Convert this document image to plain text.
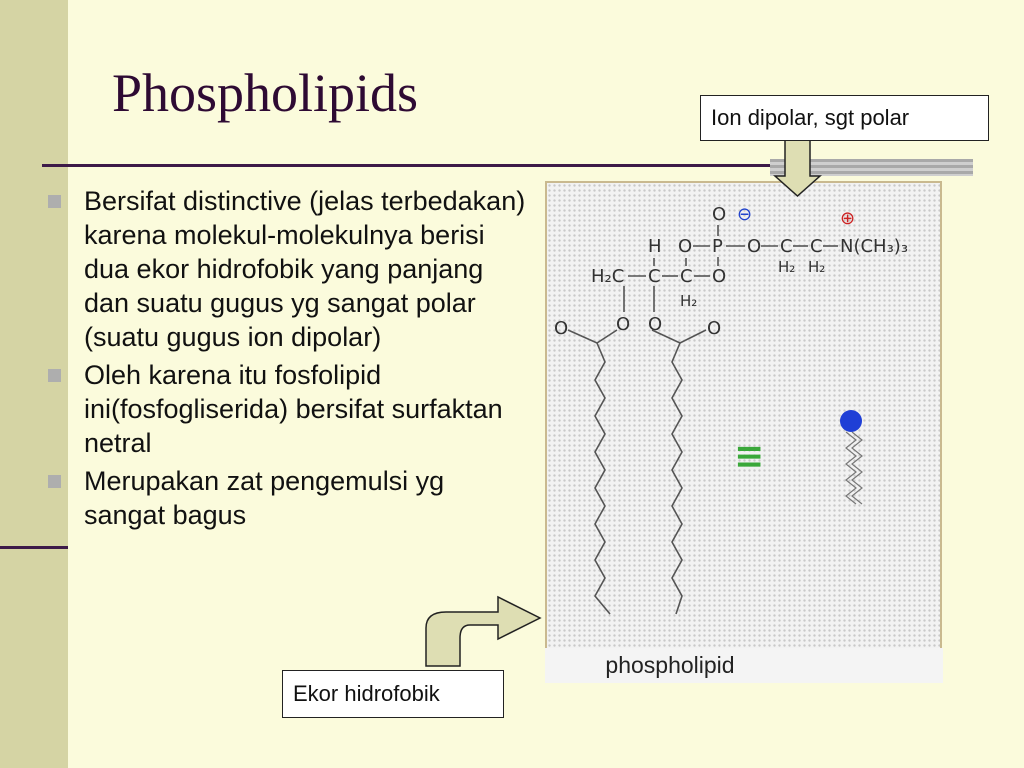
Phospholipids
Bersifat distinctive (jelas terbedakan) karena molekul-molekulnya berisi dua ekor hidrofobik yang panjang dan suatu gugus yg sangat polar (suatu gugus ion dipolar)
Oleh karena itu fosfolipid ini(fosfogliserida) bersifat surfaktan netral
Merupakan zat pengemulsi yg sangat bagus
phospholipid
O ⊖	⊕
H O P O C C N(CH₃)₃
H₂C C C O	H₂ H₂
H₂
O O
O	O
≡
Ion dipolar, sgt polar
Ekor hidrofobik
